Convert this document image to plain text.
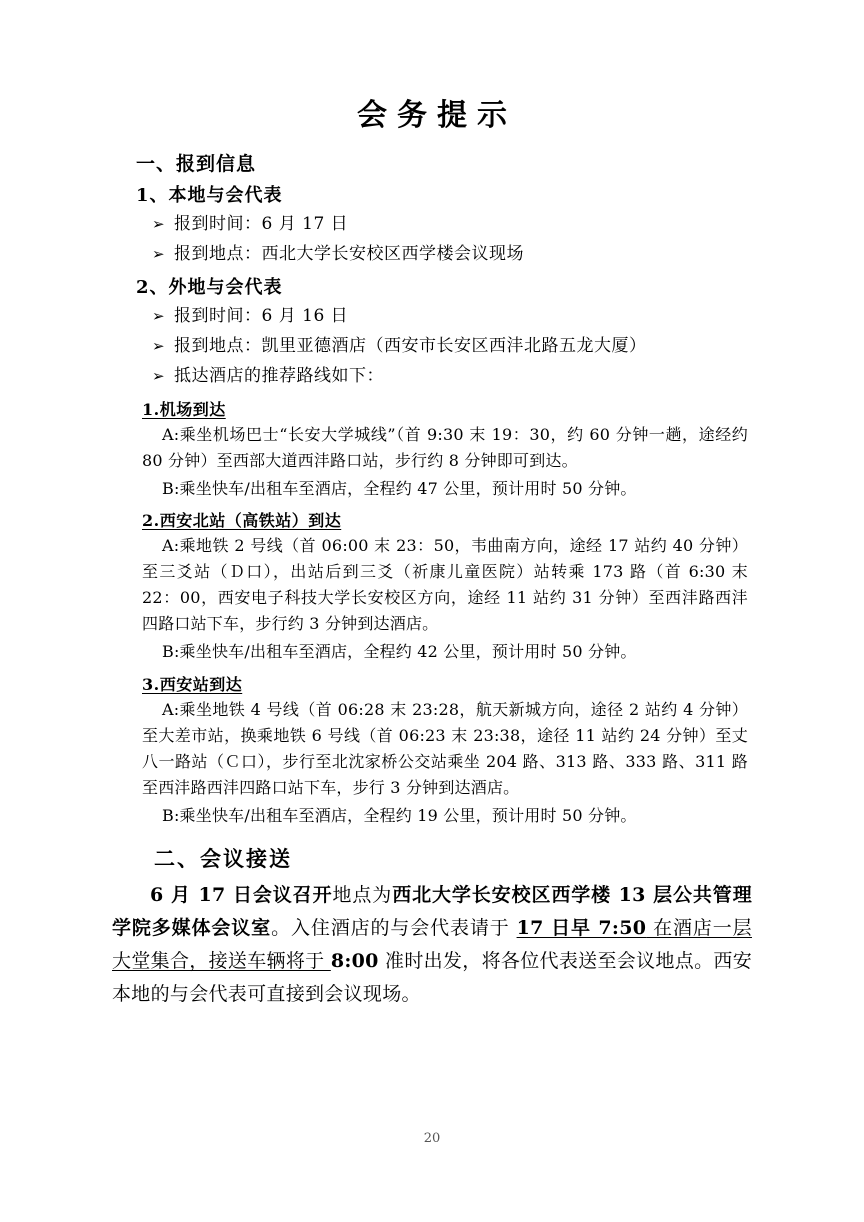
会务提示
一、报到信息
1、本地与会代表
➢ 报到时间：6 月 17 日
➢ 报到地点：西北大学长安校区西学楼会议现场
2、外地与会代表
➢ 报到时间：6 月 16 日
➢ 报到地点：凯里亚德酒店（西安市长安区西沣北路五龙大厦）
➢ 抵达酒店的推荐路线如下：
1.机场到达
A:乘坐机场巴士“长安大学城线”（首 9:30 末 19：30，约 60 分钟一趟，途经约 80 分钟）至西部大道西沣路口站，步行约 8 分钟即可到达。
B:乘坐快车/出租车至酒店，全程约 47 公里，预计用时 50 分钟。
2.西安北站（高铁站）到达
A:乘地铁 2 号线（首 06:00 末 23：50，韦曲南方向，途经 17 站约 40 分钟）至三爻站（Ｄ口），出站后到三爻（祈康儿童医院）站转乘 173 路（首 6:30 末 22：00，西安电子科技大学长安校区方向，途经 11 站约 31 分钟）至西沣路西沣四路口站下车，步行约 3 分钟到达酒店。
B:乘坐快车/出租车至酒店，全程约 42 公里，预计用时 50 分钟。
3.西安站到达
A:乘坐地铁 4 号线（首 06:28 末 23:28，航天新城方向，途径 2 站约 4 分钟）至大差市站，换乘地铁 6 号线（首 06:23 末 23:38，途径 11 站约 24 分钟）至丈八一路站（Ｃ口），步行至北沈家桥公交站乘坐 204 路、313 路、333 路、311 路至西沣路西沣四路口站下车，步行 3 分钟到达酒店。
B:乘坐快车/出租车至酒店，全程约 19 公里，预计用时 50 分钟。
二、会议接送

6 月 17 日会议召开地点为西北大学长安校区西学楼 13 层公共管理学院多媒体会议室。入住酒店的与会代表请于 17 日早 7:50 在酒店一层大堂集合，接送车辆将于 8:00 准时出发，将各位代表送至会议地点。西安本地的与会代表可直接到会议现场。

20
